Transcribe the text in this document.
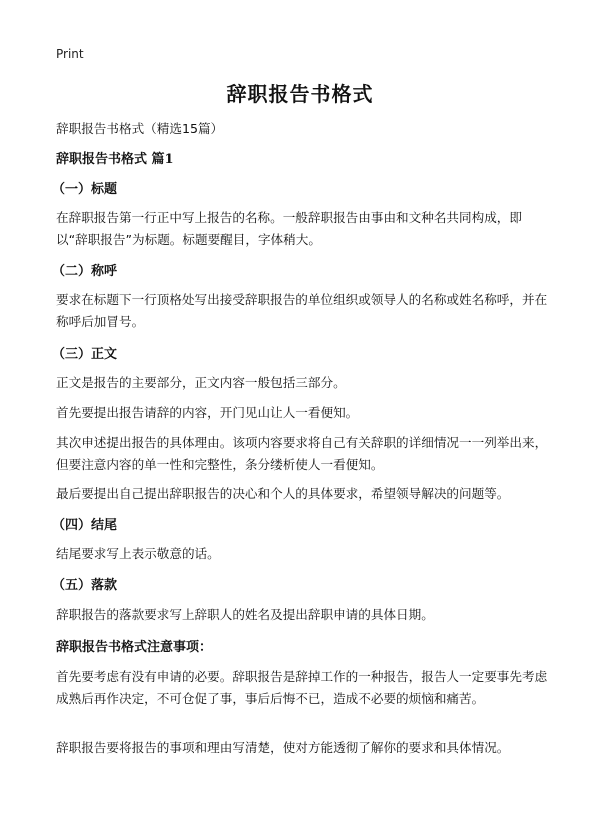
Print
辞职报告书格式

辞职报告书格式（精选15篇）

辞职报告书格式 篇1

（一）标题

在辞职报告第一行正中写上报告的名称。一般辞职报告由事由和文种名共同构成，即以“辞职报告”为标题。标题要醒目，字体稍大。

（二）称呼

要求在标题下一行顶格处写出接受辞职报告的单位组织或领导人的名称或姓名称呼，并在称呼后加冒号。

（三）正文

正文是报告的主要部分，正文内容一般包括三部分。

首先要提出报告请辞的内容，开门见山让人一看便知。

其次申述提出报告的具体理由。该项内容要求将自己有关辞职的详细情况一一列举出来，但要注意内容的单一性和完整性，条分缕析使人一看便知。

最后要提出自己提出辞职报告的决心和个人的具体要求，希望领导解决的问题等。

（四）结尾

结尾要求写上表示敬意的话。

（五）落款

辞职报告的落款要求写上辞职人的姓名及提出辞职申请的具体日期。

辞职报告书格式注意事项：

首先要考虑有没有申请的必要。辞职报告是辞掉工作的一种报告，报告人一定要事先考虑成熟后再作决定，不可仓促了事，事后后悔不已，造成不必要的烦恼和痛苦。

辞职报告要将报告的事项和理由写清楚，使对方能透彻了解你的要求和具体情况。
